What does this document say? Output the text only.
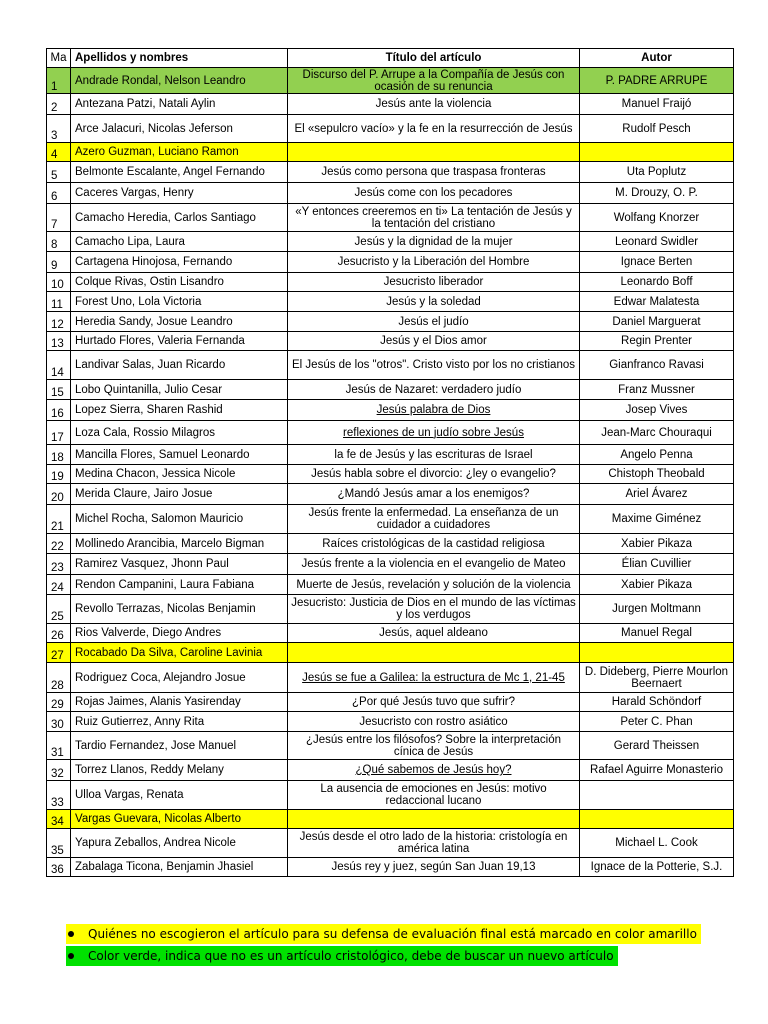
Ma	Apellidos y nombres	Título del artículo	Autor
1	Andrade Rondal, Nelson Leandro	Discurso del P. Arrupe a la Compañía de Jesús con ocasión de su renuncia	P. PADRE ARRUPE
2	Antezana Patzi, Natali Aylin	Jesús ante la violencia	Manuel Fraijó
3	Arce Jalacuri, Nicolas Jeferson	El «sepulcro vacío» y la fe en la resurrección de Jesús	Rudolf Pesch
4	Azero Guzman, Luciano Ramon		
5	Belmonte Escalante, Angel Fernando	Jesús como persona que traspasa fronteras	Uta Poplutz
6	Caceres Vargas, Henry	Jesús come con los pecadores	M. Drouzy, O. P.
7	Camacho Heredia, Carlos Santiago	«Y entonces creeremos en ti» La tentación de Jesús y la tentación del cristiano	Wolfang Knorzer
8	Camacho Lipa, Laura	Jesús y la dignidad de la mujer	Leonard Swidler
9	Cartagena Hinojosa, Fernando	Jesucristo y la Liberación del Hombre	Ignace Berten
10	Colque Rivas, Ostin Lisandro	Jesucristo liberador	Leonardo Boff
11	Forest Uno, Lola Victoria	Jesús y la soledad	Edwar Malatesta
12	Heredia Sandy, Josue Leandro	Jesús el judío	Daniel Marguerat
13	Hurtado Flores, Valeria Fernanda	Jesús y el Dios amor	Regin Prenter
14	Landivar Salas, Juan Ricardo	El Jesús de los "otros". Cristo visto por los no cristianos	Gianfranco Ravasi
15	Lobo Quintanilla, Julio Cesar	Jesús de Nazaret: verdadero judío	Franz Mussner
16	Lopez Sierra, Sharen Rashid	Jesús palabra de Dios	Josep Vives
17	Loza Cala, Rossio Milagros	reflexiones de un judío sobre Jesús	Jean-Marc Chouraqui
18	Mancilla Flores, Samuel Leonardo	la fe de Jesús y las escrituras de Israel	Angelo Penna
19	Medina Chacon, Jessica Nicole	Jesús habla sobre el divorcio: ¿ley o evangelio?	Chistoph Theobald
20	Merida Claure, Jairo Josue	¿Mandó Jesús amar a los enemigos?	Ariel Ávarez
21	Michel Rocha, Salomon Mauricio	Jesús frente la enfermedad. La enseñanza de un cuidador a cuidadores	Maxime Giménez
22	Mollinedo Arancibia, Marcelo Bigman	Raíces cristológicas de la castidad religiosa	Xabier Pikaza
23	Ramirez Vasquez, Jhonn Paul	Jesús frente a la violencia en el evangelio de Mateo	Élian Cuvillier
24	Rendon Campanini, Laura Fabiana	Muerte de Jesús, revelación y solución de la violencia	Xabier Pikaza
25	Revollo Terrazas, Nicolas Benjamin	Jesucristo: Justicia de Dios en el mundo de las víctimas y los verdugos	Jurgen Moltmann
26	Rios Valverde, Diego Andres	Jesús, aquel aldeano	Manuel Regal
27	Rocabado Da Silva, Caroline Lavinia		
28	Rodriguez Coca, Alejandro Josue	Jesús se fue a Galilea: la estructura de Mc 1, 21-45	D. Dideberg, Pierre Mourlon Beernaert
29	Rojas Jaimes, Alanis Yasirenday	¿Por qué Jesús tuvo que sufrir?	Harald Schöndorf
30	Ruiz Gutierrez, Anny Rita	Jesucristo con rostro asiático	Peter C. Phan
31	Tardio Fernandez, Jose Manuel	¿Jesús entre los filósofos? Sobre la interpretación cínica de Jesús	Gerard Theissen
32	Torrez Llanos, Reddy Melany	¿Qué sabemos de Jesús hoy?	Rafael Aguirre Monasterio
33	Ulloa Vargas, Renata	La ausencia de emociones en Jesús: motivo redaccional lucano	
34	Vargas Guevara, Nicolas Alberto		
35	Yapura Zeballos, Andrea Nicole	Jesús desde el otro lado de la historia: cristología en américa latina	Michael L. Cook
36	Zabalaga Ticona, Benjamin Jhasiel	Jesús rey y juez, según San Juan 19,13	Ignace de la Potterie, S.J.
Quiénes no escogieron el artículo para su defensa de evaluación final está marcado en color amarillo
Color verde, indica que no es un artículo cristológico, debe de buscar un nuevo artículo
